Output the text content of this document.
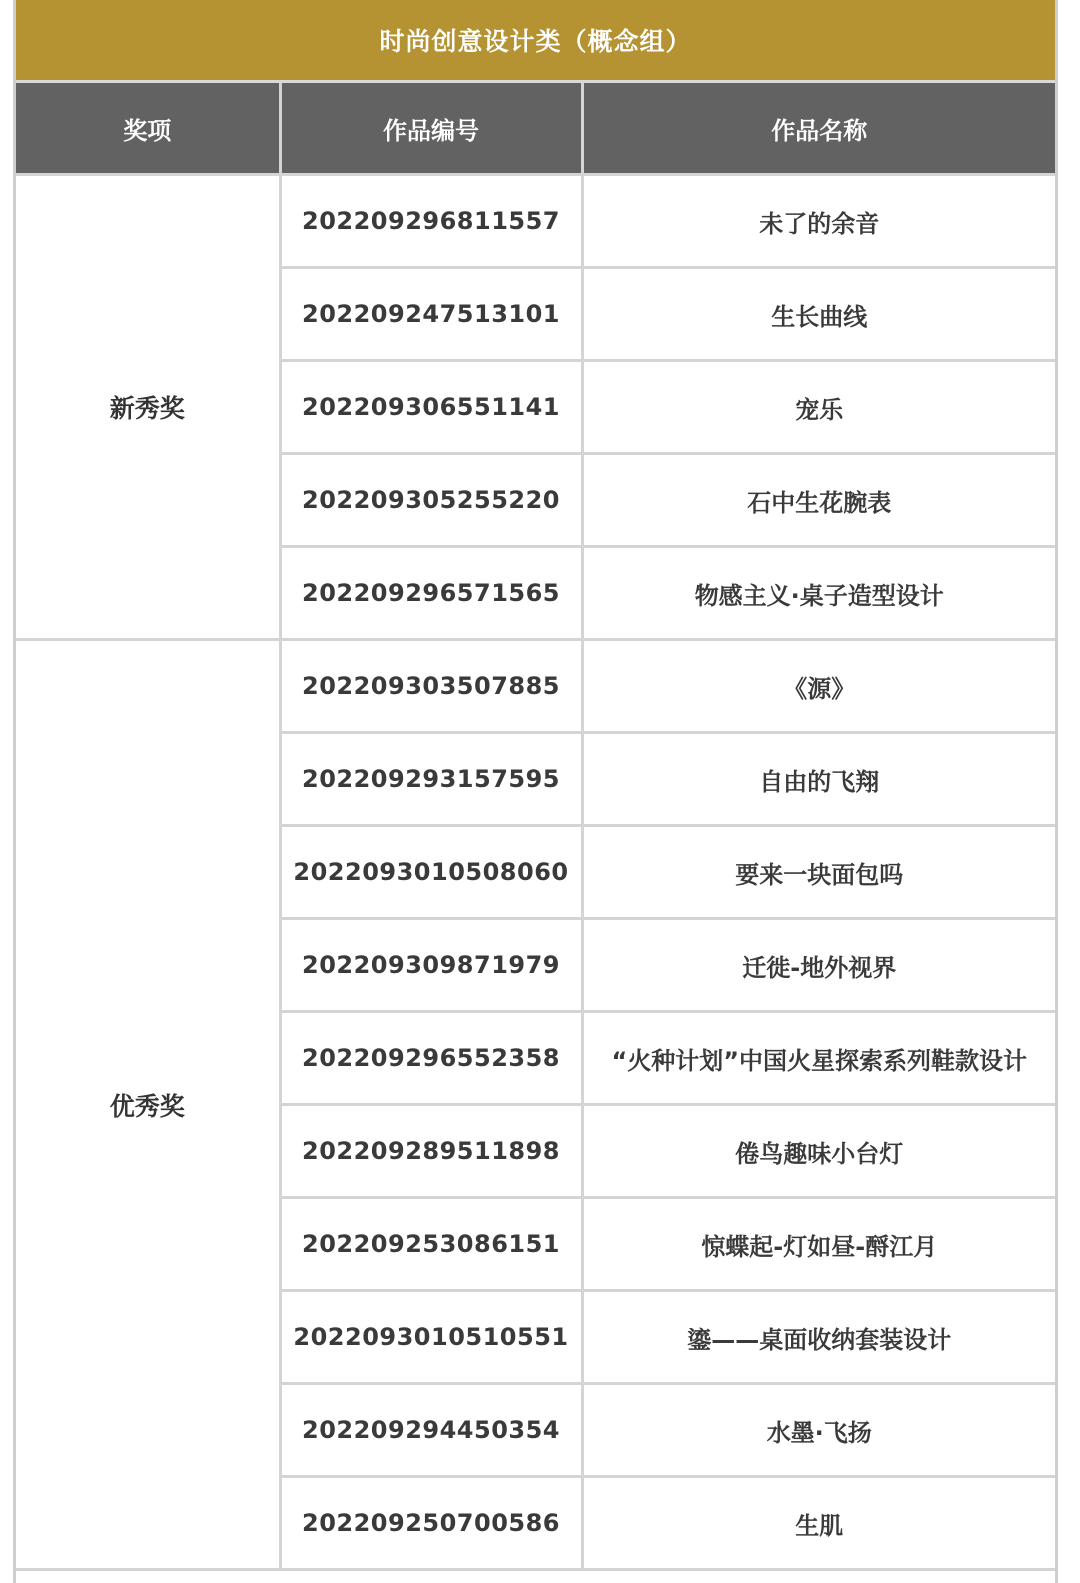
时尚创意设计类（概念组）
奖项	作品编号	作品名称
新秀奖	202209296811557	未了的余音
	202209247513101	生长曲线
	202209306551141	宠乐
	202209305255220	石中生花腕表
	202209296571565	物感主义·桌子造型设计
优秀奖	202209303507885	《源》
	202209293157595	自由的飞翔
	2022093010508060	要来一块面包吗
	202209309871979	迁徙-地外视界
	202209296552358	“火种计划”中国火星探索系列鞋款设计
	202209289511898	倦鸟趣味小台灯
	202209253086151	惊蝶起-灯如昼-酹江月
	2022093010510551	鎏——桌面收纳套装设计
	202209294450354	水墨·飞扬
	202209250700586	生肌
